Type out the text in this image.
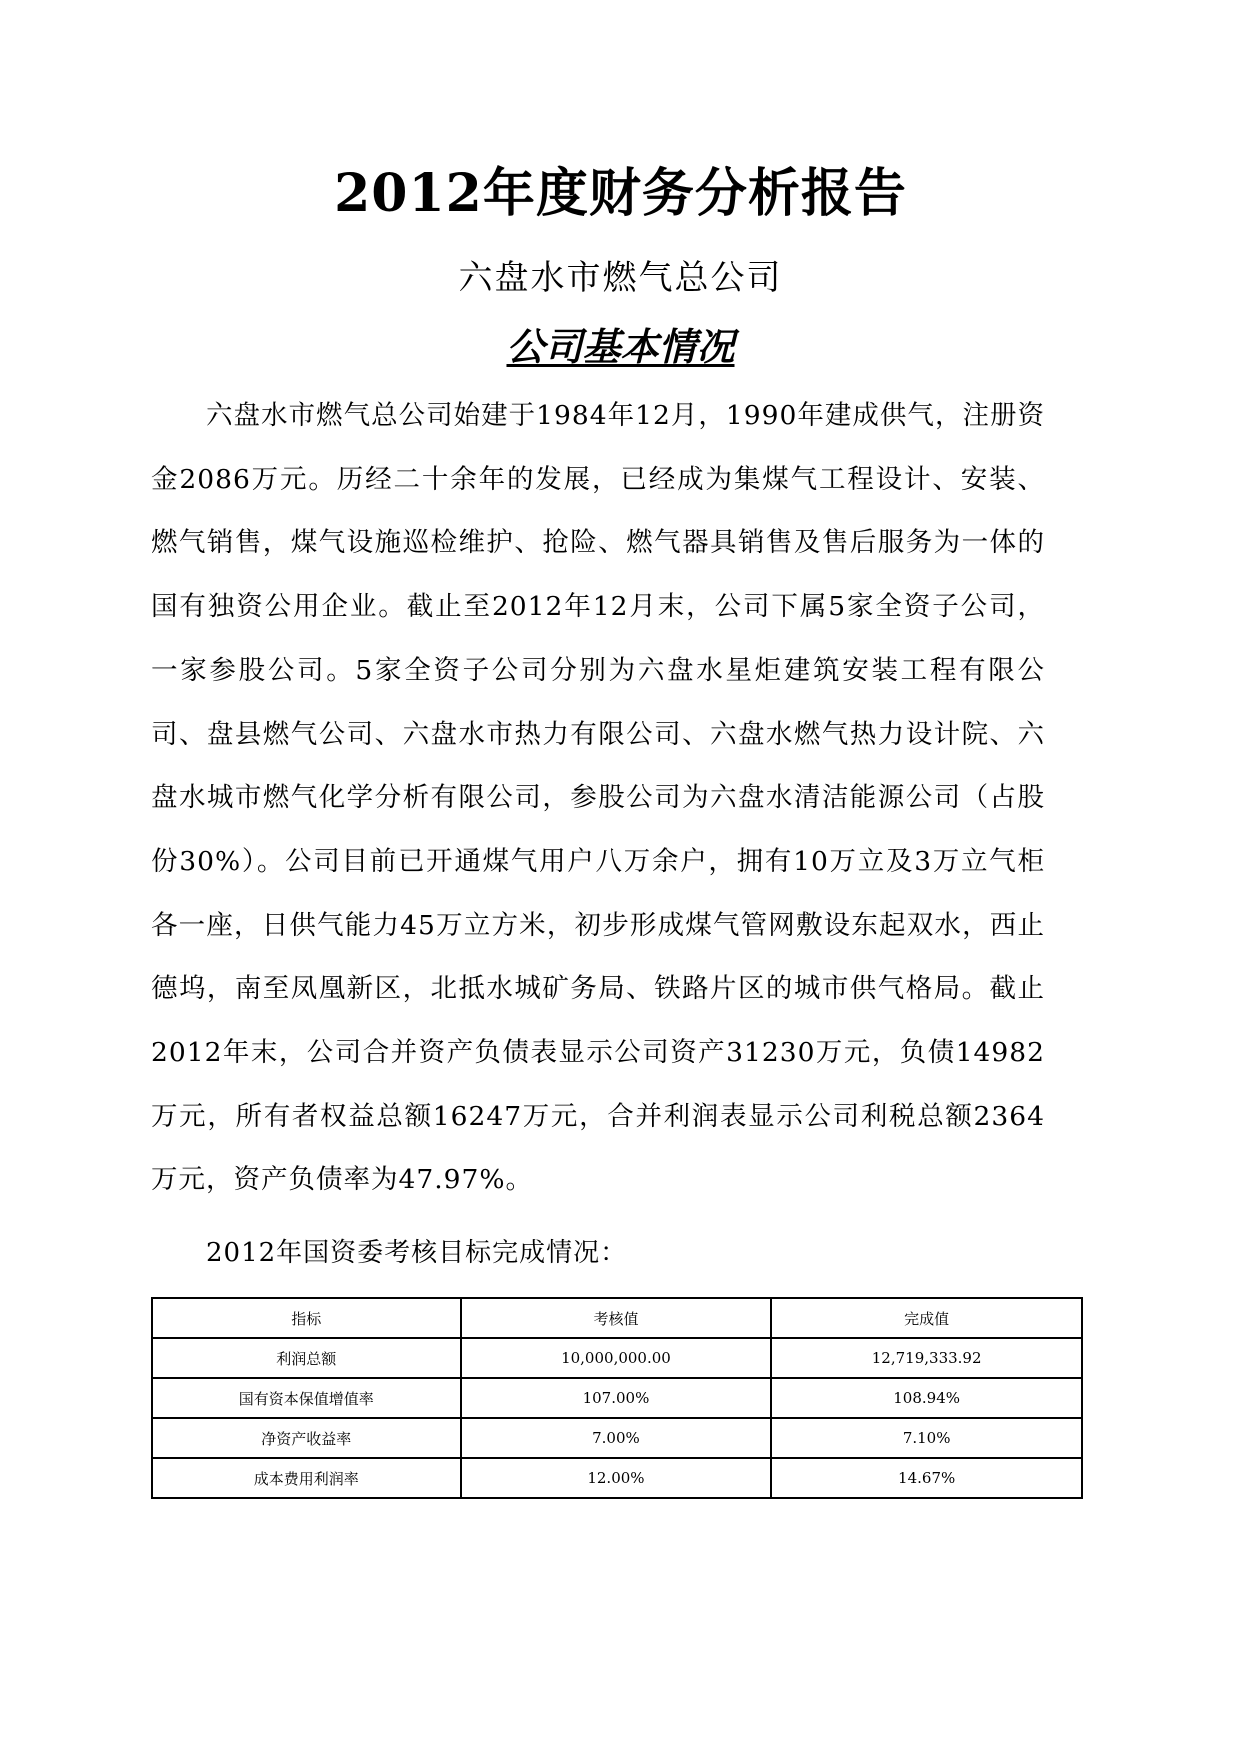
2012年度财务分析报告
六盘水市燃气总公司
公司基本情况

六盘水市燃气总公司始建于1984年12月，1990年建成供气，注册资金2086万元。历经二十余年的发展，已经成为集煤气工程设计、安装、燃气销售，煤气设施巡检维护、抢险、燃气器具销售及售后服务为一体的国有独资公用企业。截止至2012年12月末，公司下属5家全资子公司，一家参股公司。5家全资子公司分别为六盘水星炬建筑安装工程有限公司、盘县燃气公司、六盘水市热力有限公司、六盘水燃气热力设计院、六盘水城市燃气化学分析有限公司，参股公司为六盘水清洁能源公司（占股份30%）。公司目前已开通煤气用户八万余户，拥有10万立及3万立气柜各一座，日供气能力45万立方米，初步形成煤气管网敷设东起双水，西止德坞，南至凤凰新区，北抵水城矿务局、铁路片区的城市供气格局。截止2012年末，公司合并资产负债表显示公司资产31230万元，负债14982万元，所有者权益总额16247万元，合并利润表显示公司利税总额2364万元，资产负债率为47.97%。

2012年国资委考核目标完成情况：

指标	考核值	完成值
利润总额	10,000,000.00	12,719,333.92
国有资本保值增值率	107.00%	108.94%
净资产收益率	7.00%	7.10%
成本费用利润率	12.00%	14.67%
